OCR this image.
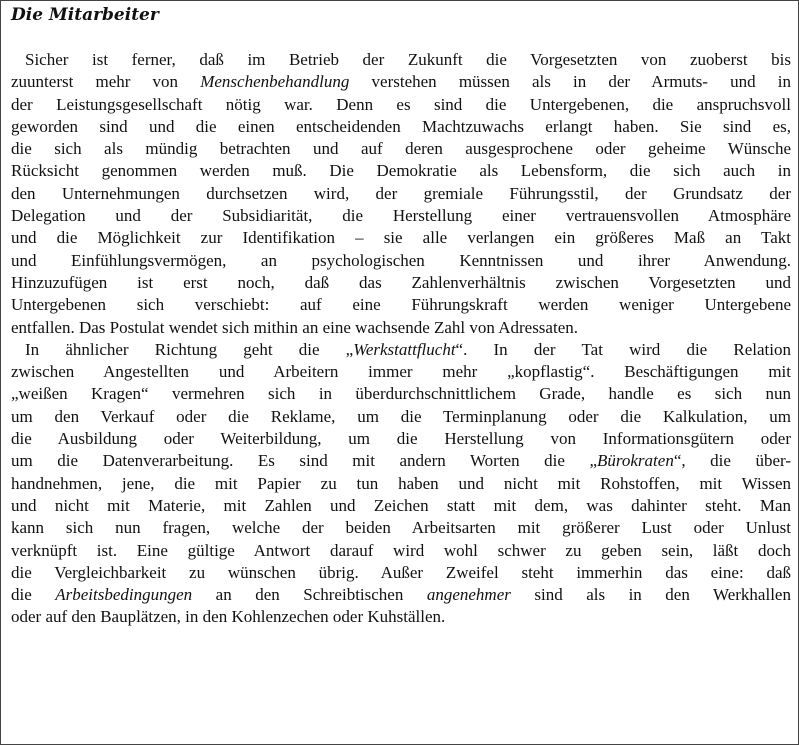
Die Mitarbeiter
Sicher ist ferner, daß im Betrieb der Zukunft die Vorgesetzten von zuoberst bis
zuunterst mehr von Menschenbehandlung verstehen müssen als in der Armuts- und in
der Leistungsgesellschaft nötig war. Denn es sind die Untergebenen, die anspruchsvoll
geworden sind und die einen entscheidenden Machtzuwachs erlangt haben. Sie sind es,
die sich als mündig betrachten und auf deren ausgesprochene oder geheime Wünsche
Rücksicht genommen werden muß. Die Demokratie als Lebensform, die sich auch in
den Unternehmungen durchsetzen wird, der gremiale Führungsstil, der Grundsatz der
Delegation und der Subsidiarität, die Herstellung einer vertrauensvollen Atmosphäre
und die Möglichkeit zur Identifikation – sie alle verlangen ein größeres Maß an Takt
und Einfühlungsvermögen, an psychologischen Kenntnissen und ihrer Anwendung.
Hinzuzufügen ist erst noch, daß das Zahlenverhältnis zwischen Vorgesetzten und
Untergebenen sich verschiebt: auf eine Führungskraft werden weniger Untergebene
entfallen. Das Postulat wendet sich mithin an eine wachsende Zahl von Adressaten.
In ähnlicher Richtung geht die „Werkstattflucht“. In der Tat wird die Relation
zwischen Angestellten und Arbeitern immer mehr „kopflastig“. Beschäftigungen mit
„weißen Kragen“ vermehren sich in überdurchschnittlichem Grade, handle es sich nun
um den Verkauf oder die Reklame, um die Terminplanung oder die Kalkulation, um
die Ausbildung oder Weiterbildung, um die Herstellung von Informationsgütern oder
um die Datenverarbeitung. Es sind mit andern Worten die „Bürokraten“, die über-
handnehmen, jene, die mit Papier zu tun haben und nicht mit Rohstoffen, mit Wissen
und nicht mit Materie, mit Zahlen und Zeichen statt mit dem, was dahinter steht. Man
kann sich nun fragen, welche der beiden Arbeitsarten mit größerer Lust oder Unlust
verknüpft ist. Eine gültige Antwort darauf wird wohl schwer zu geben sein, läßt doch
die Vergleichbarkeit zu wünschen übrig. Außer Zweifel steht immerhin das eine: daß
die Arbeitsbedingungen an den Schreibtischen angenehmer sind als in den Werkhallen
oder auf den Bauplätzen, in den Kohlenzechen oder Kuhställen.
